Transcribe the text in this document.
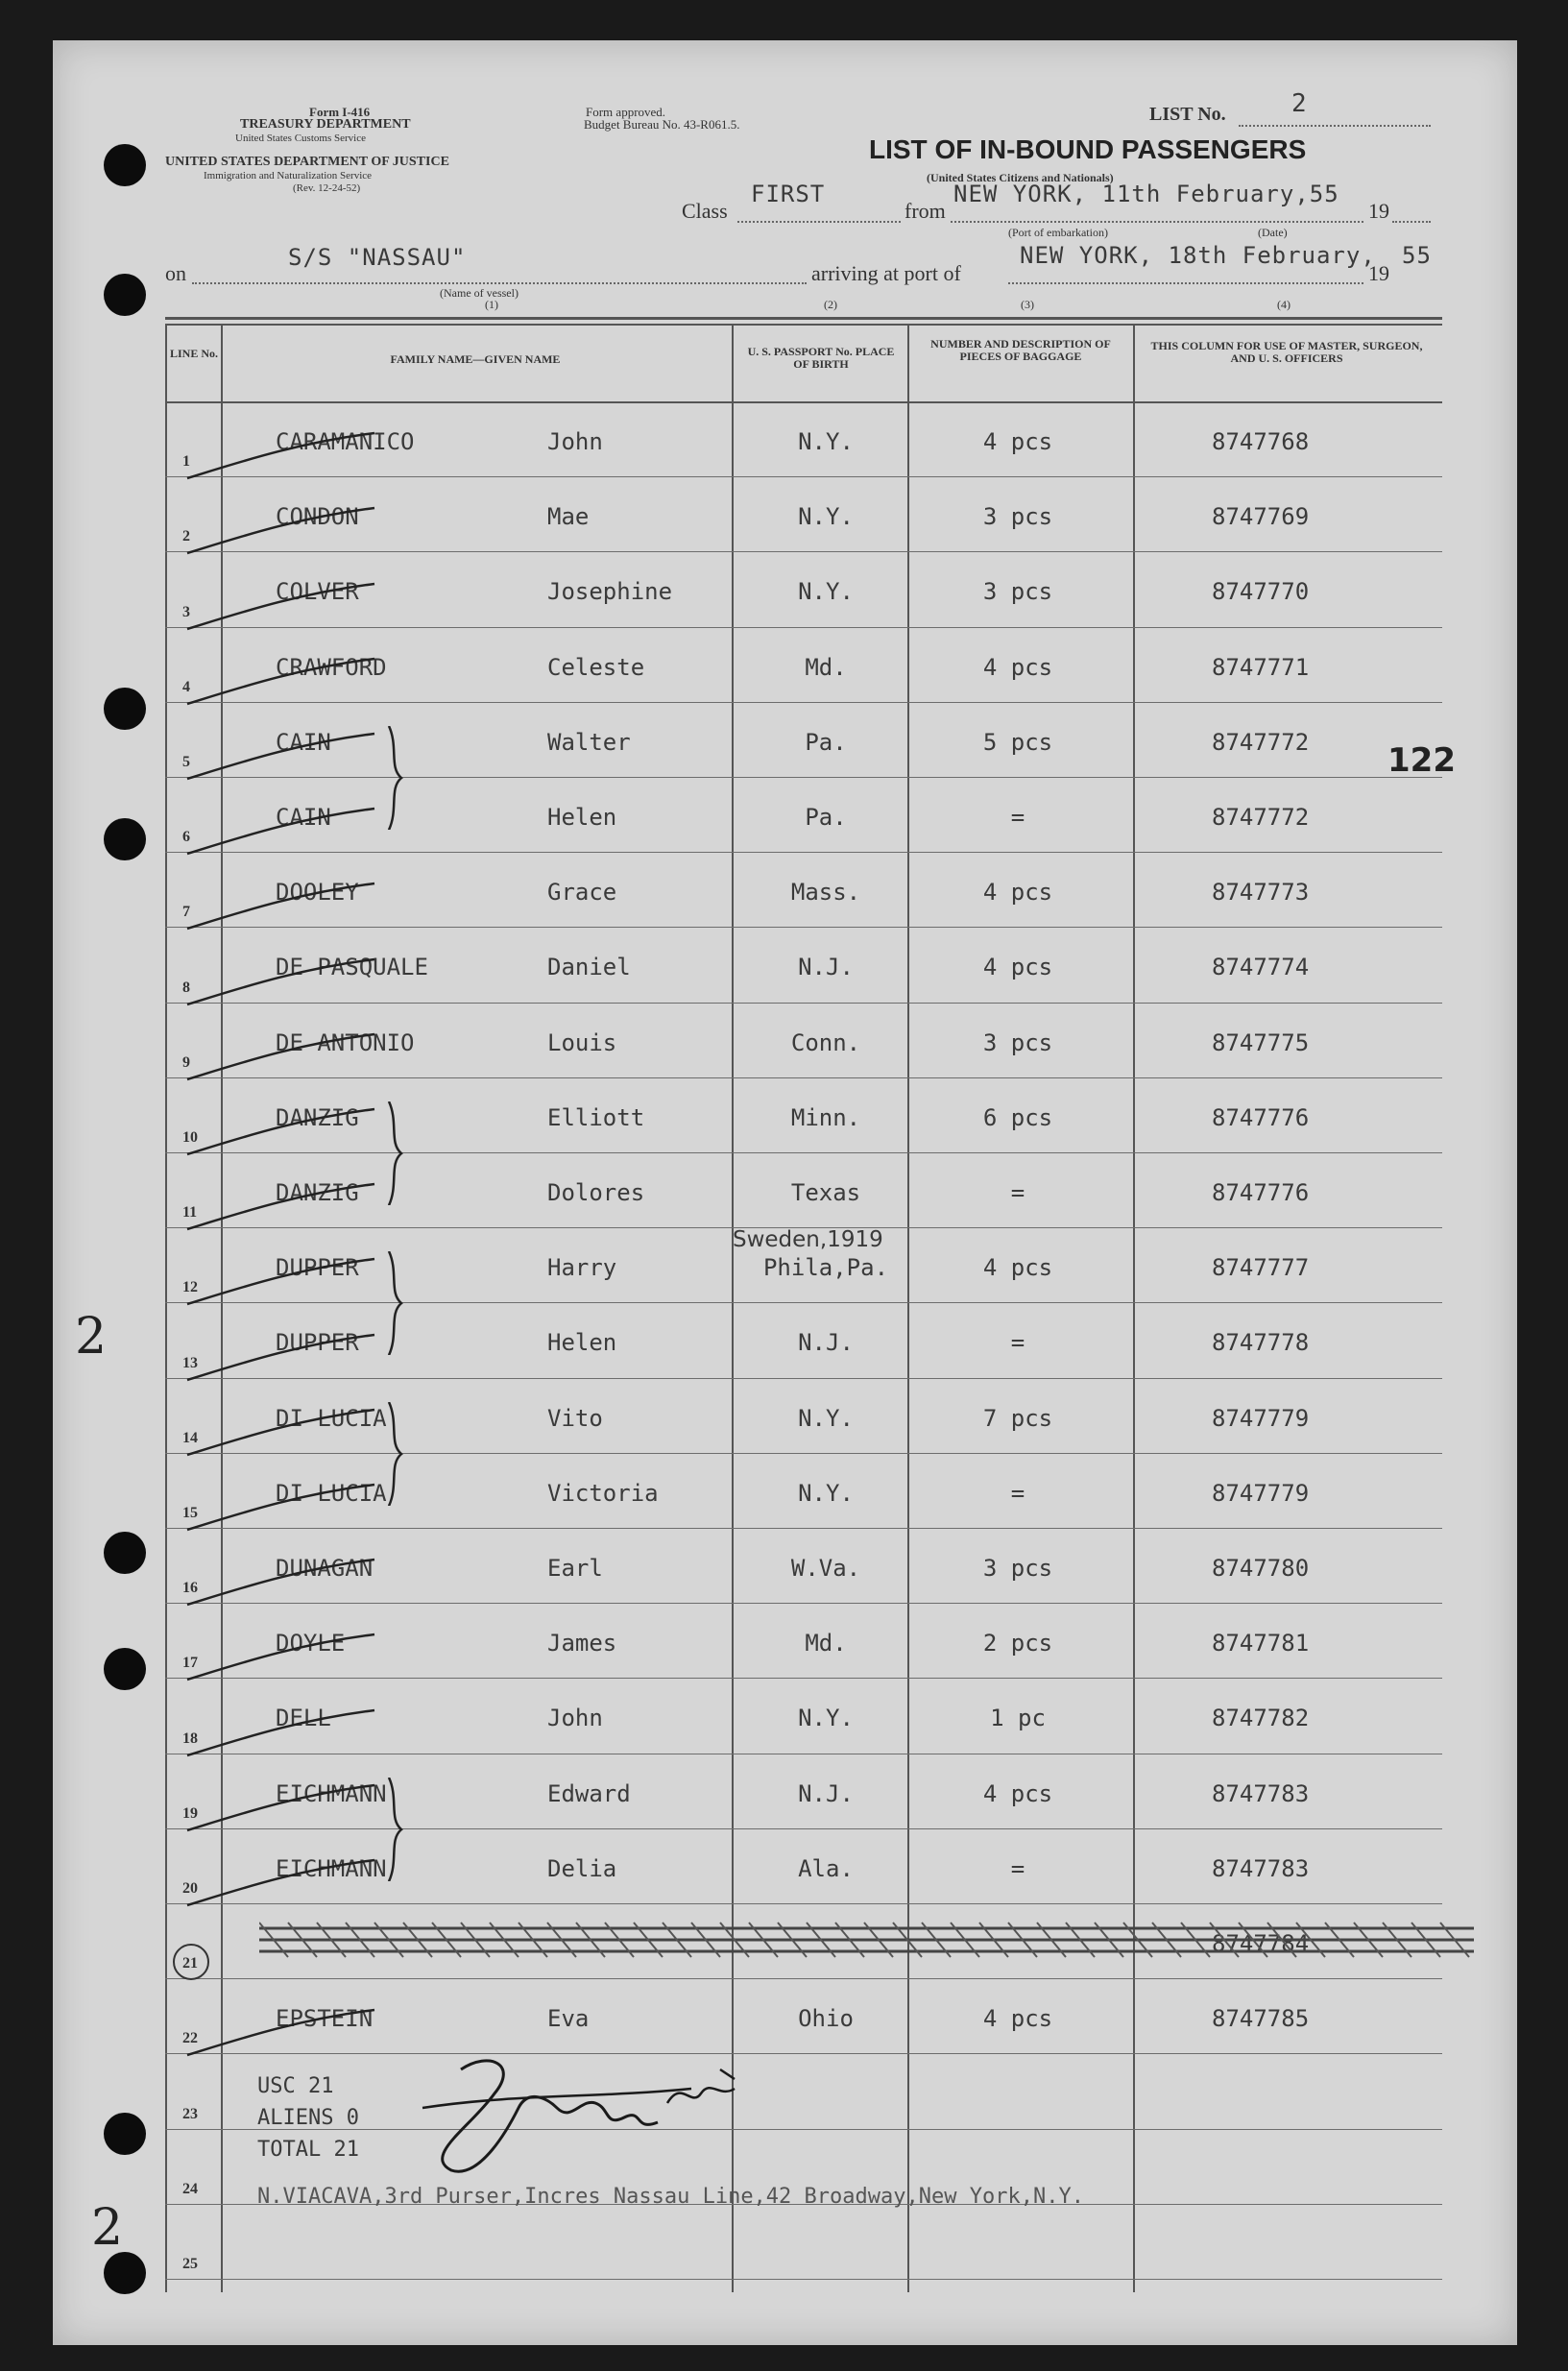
Form I-416
TREASURY DEPARTMENT
United States Customs Service
UNITED STATES DEPARTMENT OF JUSTICE
Immigration and Naturalization Service
(Rev. 12-24-52)
Form approved.
Budget Bureau No. 43-R061.5.	LIST No.	2
LIST OF IN-BOUND PASSENGERS
(United States Citizens and Nationals)
Class
FIRST
from
NEW YORK, 11th February,55
19
(Port of embarkation)	(Date)
on
S/S "NASSAU"
(Name of vessel)
(1)
arriving at port of
NEW YORK, 18th February,
19
55
(2)	(3)	(4)
LINE No.	FAMILY NAME—GIVEN NAME
U. S. PASSPORT No. PLACE OF BIRTH
NUMBER AND DESCRIPTION OF PIECES OF BAGGAGE
THIS COLUMN FOR USE OF MASTER, SURGEON, AND U. S. OFFICERS
1
CARAMANICO	John	N.Y.	4 pcs	8747768
2
CONDON	Mae	N.Y.	3 pcs	8747769
3
COLVER	Josephine	N.Y.	3 pcs	8747770
4
CRAWFORD	Celeste	Md.	4 pcs	8747771
5
CAIN	Walter	Pa.	5 pcs	8747772
6
CAIN	Helen	Pa.	=	8747772
7
DOOLEY	Grace	Mass.	4 pcs	8747773
8
DE PASQUALE	Daniel	N.J.	4 pcs	8747774
9
DE ANTONIO	Louis	Conn.	3 pcs	8747775
10
DANZIG	Elliott	Minn.	6 pcs	8747776
11
DANZIG	Dolores	Texas	=	8747776
12
DUPPER	Harry	Phila,Pa.	4 pcs	8747777
13
DUPPER	Helen	N.J.	=	8747778
14
DI LUCIA	Vito	N.Y.	7 pcs	8747779
15
DI LUCIA	Victoria	N.Y.	=	8747779
16
DUNAGAN	Earl	W.Va.	3 pcs	8747780
17
DOYLE	James	Md.	2 pcs	8747781
18
DELL	John	N.Y.	1 pc	8747782
19
EICHMANN	Edward	N.J.	4 pcs	8747783
20
EICHMANN	Delia	Ala.	=	8747783
21
8747784
22
EPSTEIN	Eva	Ohio	4 pcs	8747785
23
24
25
Sweden,1919
122
2
2
USC 21
ALIENS 0
TOTAL 21
N.VIACAVA,3rd Purser,Incres Nassau Line,42 Broadway,New York,N.Y.
